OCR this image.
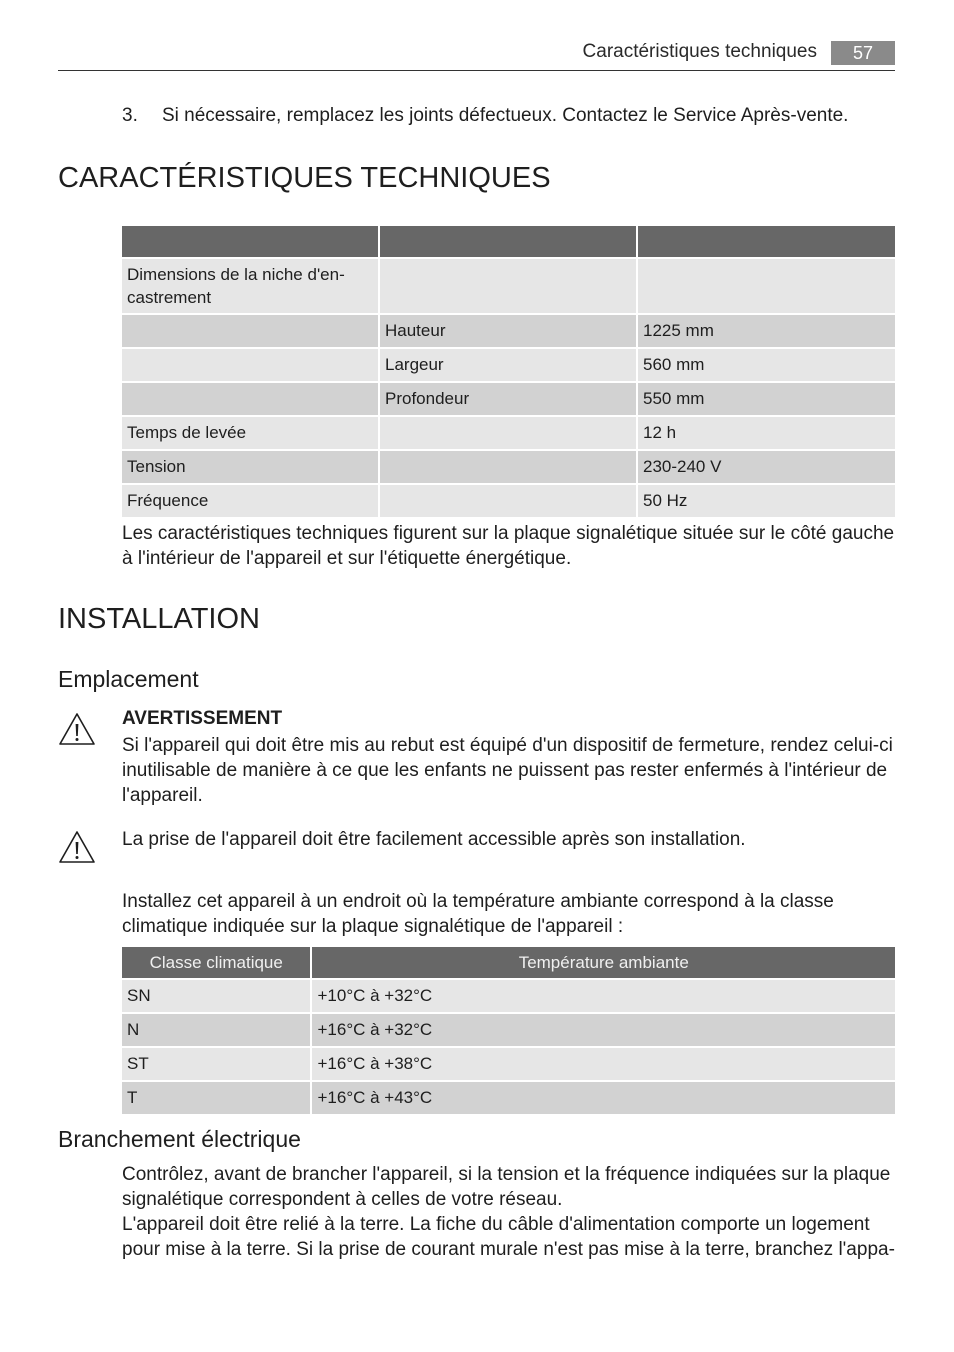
Caractéristiques techniques	57
3. Si nécessaire, remplacez les joints défectueux. Contactez le Service Après-vente.
CARACTÉRISTIQUES TECHNIQUES

Dimensions de la niche d'en-
castrement		
	Hauteur	1225 mm
	Largeur	560 mm
	Profondeur	550 mm
Temps de levée		12 h
Tension		230-240 V
Fréquence		50 Hz

Les caractéristiques techniques figurent sur la plaque signalétique située sur le côté gauche à l'intérieur de l'appareil et sur l'étiquette énergétique.

INSTALLATION
Emplacement
AVERTISSEMENT

Si l'appareil qui doit être mis au rebut est équipé d'un dispositif de fermeture, rendez celui-ci inutilisable de manière à ce que les enfants ne puissent pas rester enfermés à l'intérieur de l'appareil.

La prise de l'appareil doit être facilement accessible après son installation.

Installez cet appareil à un endroit où la température ambiante correspond à la classe climatique indiquée sur la plaque signalétique de l'appareil :

Classe climatique	Température ambiante
SN	+10°C à +32°C
N	+16°C à +32°C
ST	+16°C à +38°C
T	+16°C à +43°C
Branchement électrique

Contrôlez, avant de brancher l'appareil, si la tension et la fréquence indiquées sur la plaque signalétique correspondent à celles de votre réseau.

L'appareil doit être relié à la terre. La fiche du câble d'alimentation comporte un logement pour mise à la terre. Si la prise de courant murale n'est pas mise à la terre, branchez l'appa-
